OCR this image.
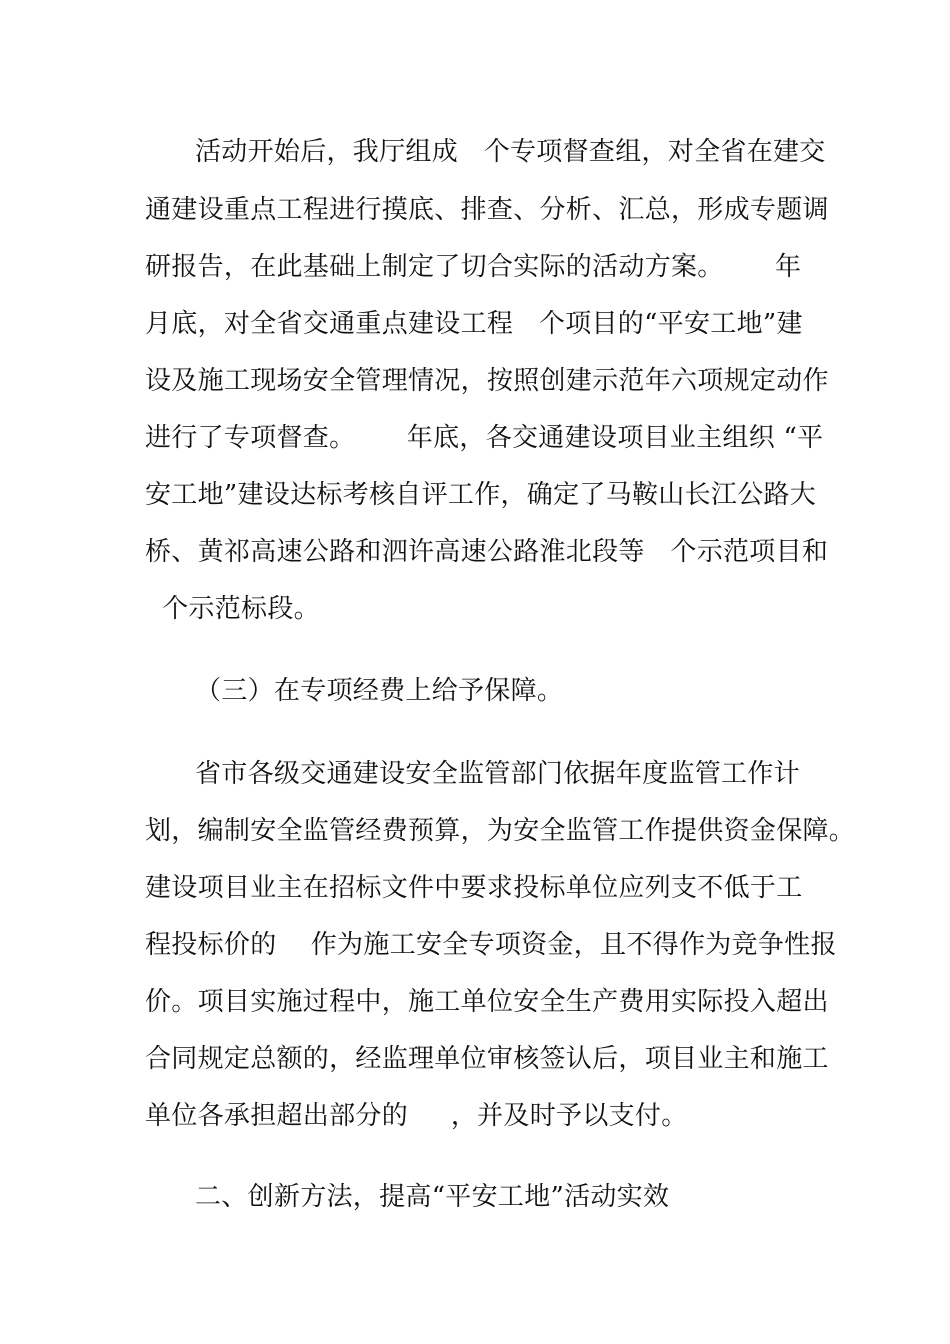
活动开始后，我厅组成   个专项督查组，对全省在建交
通建设重点工程进行摸底、排查、分析、汇总，形成专题调
研报告，在此基础上制定了切合实际的活动方案。      年
月底，对全省交通重点建设工程   个项目的“平安工地”建
设及施工现场安全管理情况，按照创建示范年六项规定动作
进行了专项督查。      年底，各交通建设项目业主组织 “平
安工地”建设达标考核自评工作，确定了马鞍山长江公路大
桥、黄祁高速公路和泗许高速公路淮北段等   个示范项目和
个示范标段。
（三）在专项经费上给予保障。
省市各级交通建设安全监管部门依据年度监管工作计
划，编制安全监管经费预算，为安全监管工作提供资金保障。
建设项目业主在招标文件中要求投标单位应列支不低于工
程投标价的    作为施工安全专项资金，且不得作为竞争性报
价。项目实施过程中，施工单位安全生产费用实际投入超出
合同规定总额的，经监理单位审核签认后，项目业主和施工
单位各承担超出部分的     ，并及时予以支付。
二、创新方法，提高“平安工地”活动实效
